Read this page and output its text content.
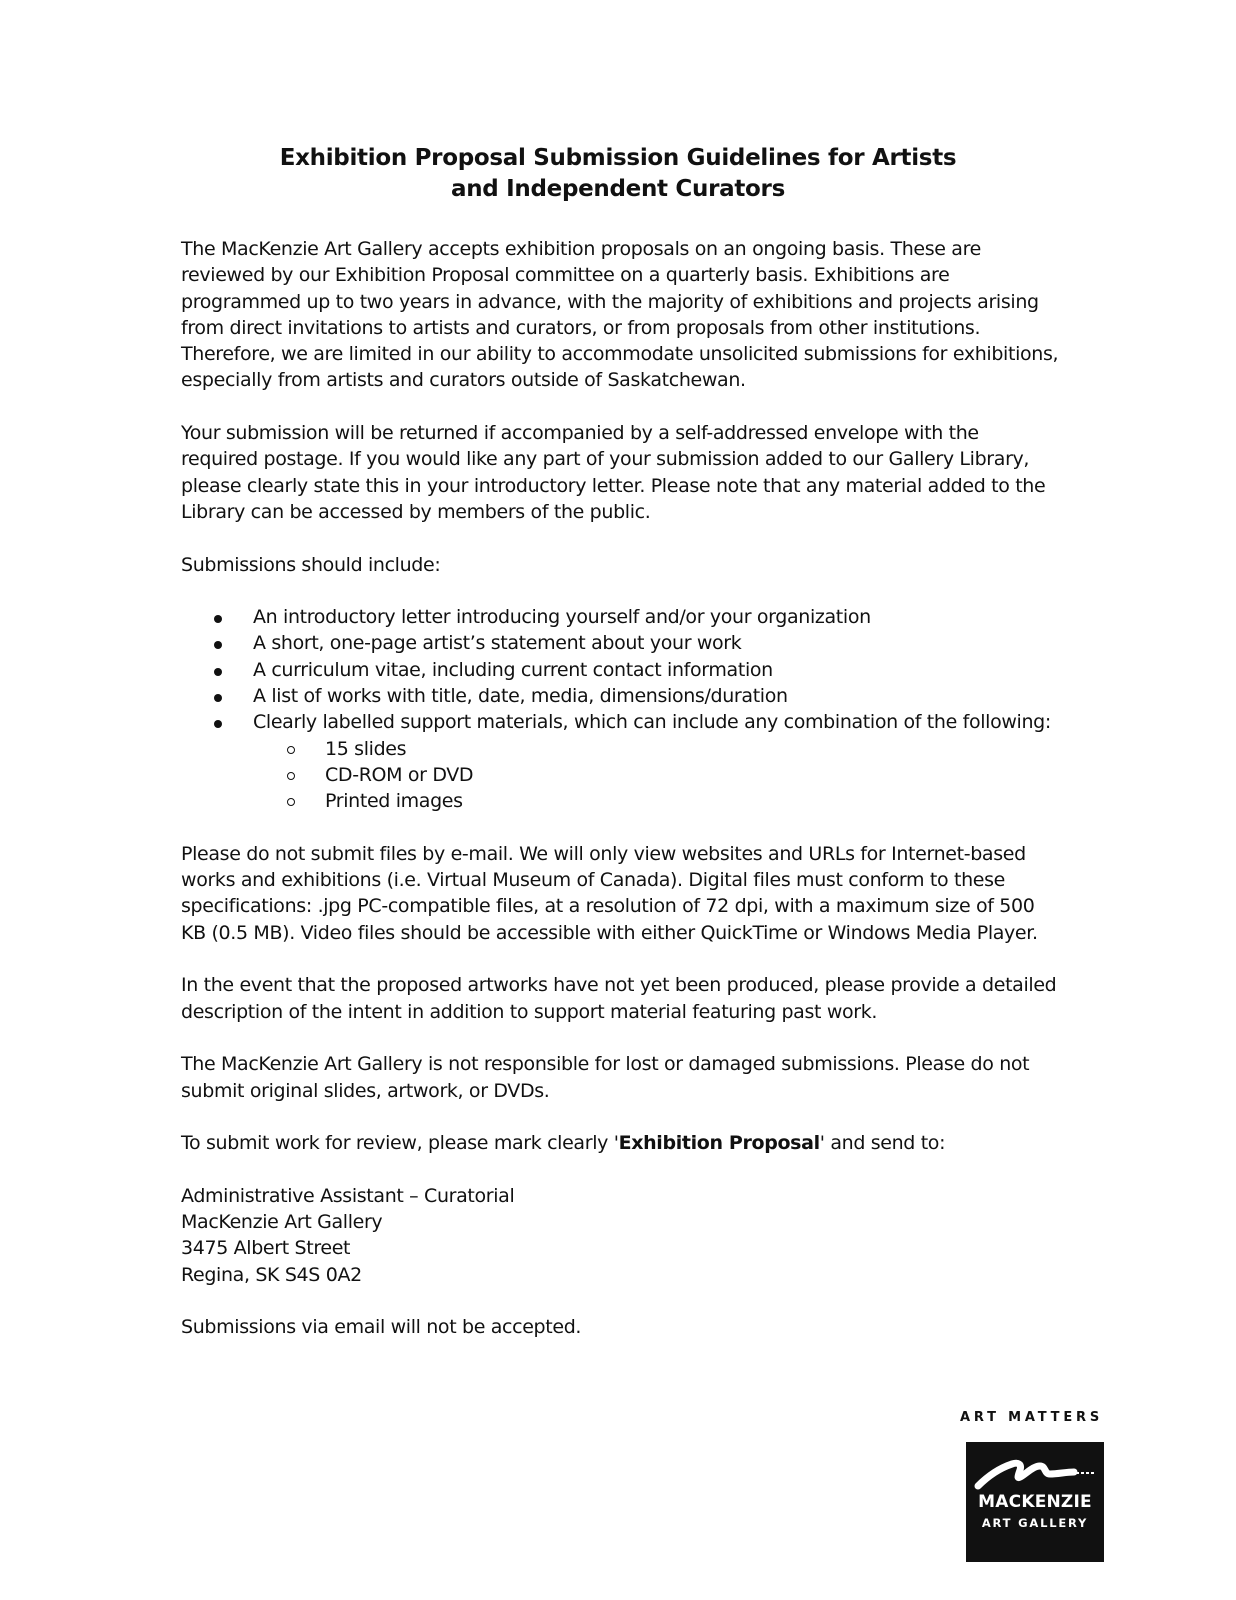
Exhibition Proposal Submission Guidelines for Artists
and Independent Curators

The MacKenzie Art Gallery accepts exhibition proposals on an ongoing basis. These are reviewed by our Exhibition Proposal committee on a quarterly basis. Exhibitions are programmed up to two years in advance, with the majority of exhibitions and projects arising from direct invitations to artists and curators, or from proposals from other institutions. Therefore, we are limited in our ability to accommodate unsolicited submissions for exhibitions, especially from artists and curators outside of Saskatchewan.

Your submission will be returned if accompanied by a self-addressed envelope with the required postage. If you would like any part of your submission added to our Gallery Library, please clearly state this in your introductory letter. Please note that any material added to the Library can be accessed by members of the public.

Submissions should include:

An introductory letter introducing yourself and/or your organization
A short, one-page artist’s statement about your work
A curriculum vitae, including current contact information
A list of works with title, date, media, dimensions/duration
Clearly labelled support materials, which can include any combination of the following:
15 slides
CD-ROM or DVD
Printed images

Please do not submit files by e-mail. We will only view websites and URLs for Internet-based works and exhibitions (i.e. Virtual Museum of Canada). Digital files must conform to these specifications: .jpg PC-compatible files, at a resolution of 72 dpi, with a maximum size of 500 KB (0.5 MB). Video files should be accessible with either QuickTime or Windows Media Player.

In the event that the proposed artworks have not yet been produced, please provide a detailed description of the intent in addition to support material featuring past work.

The MacKenzie Art Gallery is not responsible for lost or damaged submissions. Please do not submit original slides, artwork, or DVDs.

To submit work for review, please mark clearly 'Exhibition Proposal' and send to:

Administrative Assistant – Curatorial
MacKenzie Art Gallery
3475 Albert Street
Regina, SK S4S 0A2

Submissions via email will not be accepted.

ART MATTERS
MACKENZIE
ART GALLERY
